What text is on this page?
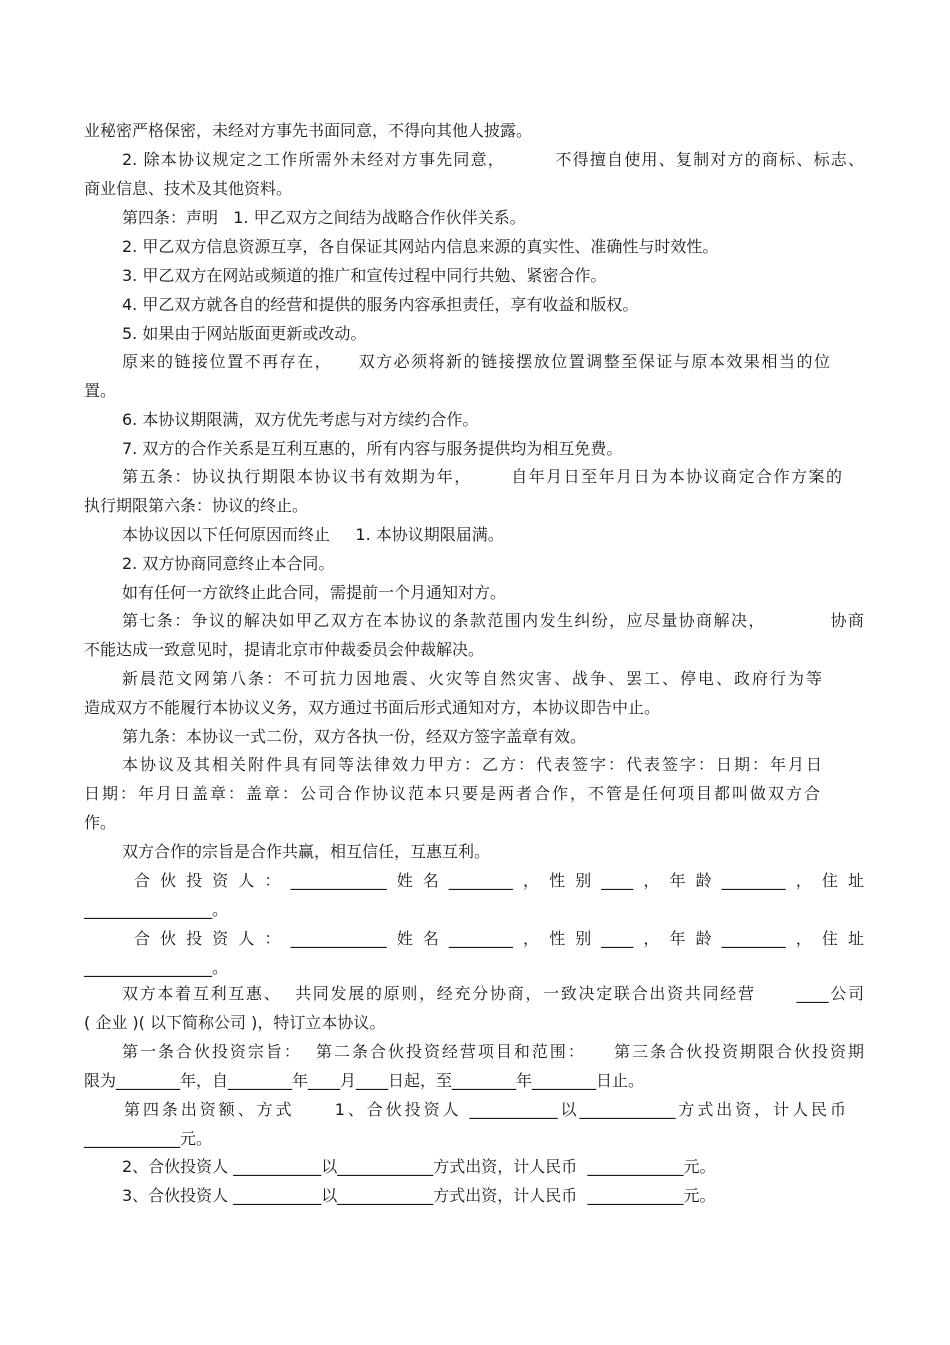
业秘密严格保密，未经对方事先书面同意，不得向其他人披露。
2. 除本协议规定之工作所需外未经对方事先同意，        不得擅自使用、复制对方的商标、标志、
商业信息、技术及其他资料。
第四条：声明   1. 甲乙双方之间结为战略合作伙伴关系。
2. 甲乙双方信息资源互享，各自保证其网站内信息来源的真实性、准确性与时效性。
3. 甲乙双方在网站或频道的推广和宣传过程中同行共勉、紧密合作。
4. 甲乙双方就各自的经营和提供的服务内容承担责任，享有收益和版权。
5. 如果由于网站版面更新或改动。
原来的链接位置不再存在，    双方必须将新的链接摆放位置调整至保证与原本效果相当的位
置。
6. 本协议期限满，双方优先考虑与对方续约合作。
7. 双方的合作关系是互利互惠的，所有内容与服务提供均为相互免费。
第五条：协议执行期限本协议书有效期为年，      自年月日至年月日为本协议商定合作方案的
执行期限第六条：协议的终止。
本协议因以下任何原因而终止     1. 本协议期限届满。
2. 双方协商同意终止本合同。
如有任何一方欲终止此合同，需提前一个月通知对方。
第七条：争议的解决如甲乙双方在本协议的条款范围内发生纠纷，应尽量协商解决，          协商
不能达成一致意见时，提请北京市仲裁委员会仲裁解决。
新晨范文网第八条：不可抗力因地震、火灾等自然灾害、战争、罢工、停电、政府行为等
造成双方不能履行本协议义务，双方通过书面后形式通知对方，本协议即告中止。
第九条：本协议一式二份，双方各执一份，经双方签字盖章有效。
本协议及其相关附件具有同等法律效力甲方：乙方：代表签字：代表签字：日期：年月日
日期：年月日盖章：盖章：公司合作协议范本只要是两者合作，不管是任何项目都叫做双方合
作。
双方合作的宗旨是合作共赢，相互信任，互惠互利。
合伙投资人：____________姓名________，性别____，年龄________，住址
________________。
合伙投资人：____________姓名________，性别____，年龄________，住址
________________。
双方本着互利互惠、  共同发展的原则，经充分协商，一致决定联合出资共同经营      ____公司
( 企业 )( 以下简称公司 )，特订立本协议。
第一条合伙投资宗旨：  第二条合伙投资经营项目和范围：    第三条合伙投资期限合伙投资期
限为________年，自________年____月____日起，至________年________日止。
第四条出资额、方式     1、合伙投资人 ___________以____________方式出资，计人民币
____________元。
2、合伙投资人 ___________以____________方式出资，计人民币  ____________元。
3、合伙投资人 ___________以____________方式出资，计人民币  ____________元。
